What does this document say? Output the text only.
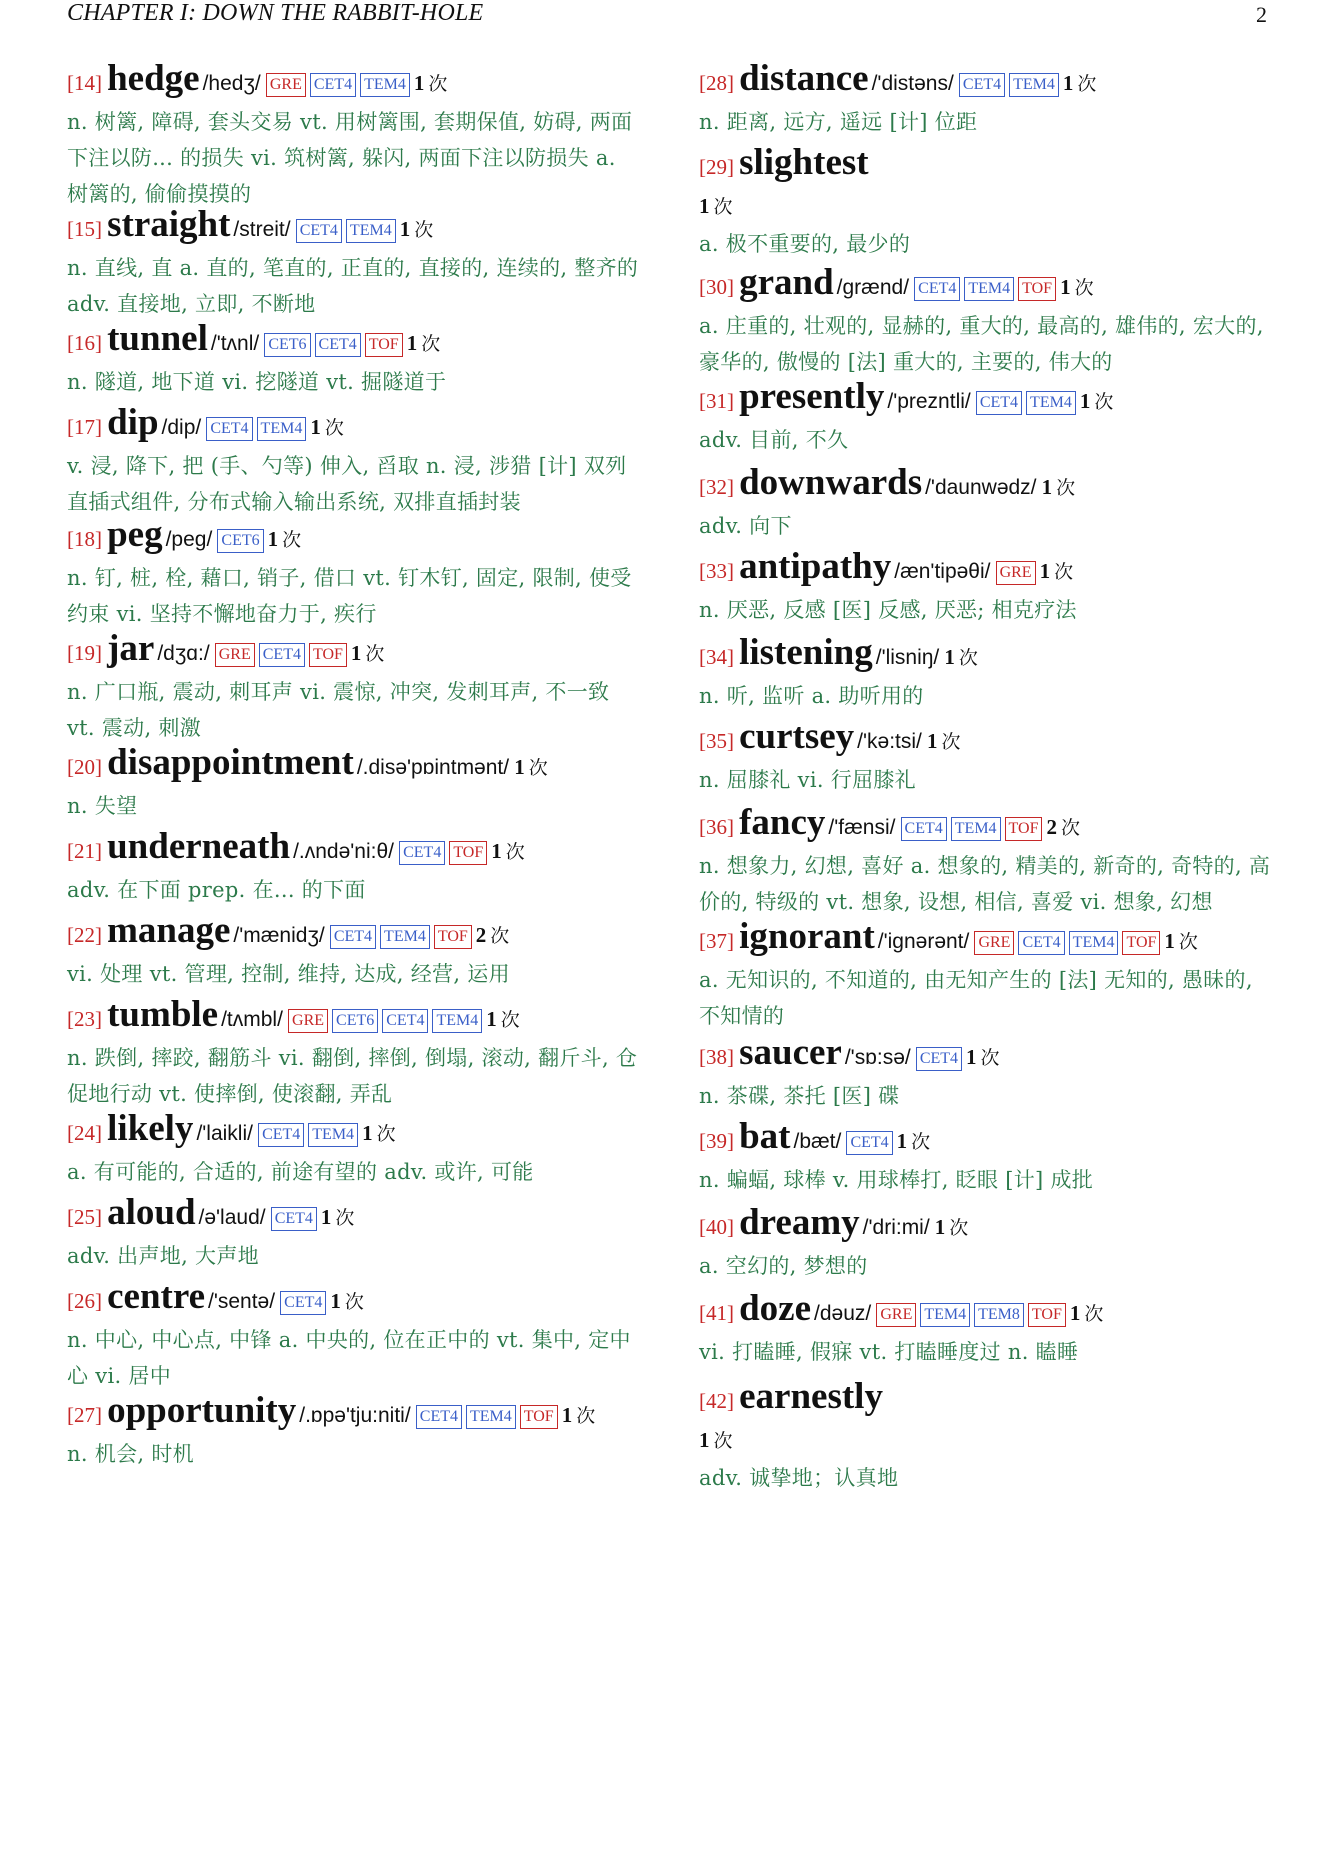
CHAPTER I: DOWN THE RABBIT-HOLE	2
[14] hedge /hedʒ/ GRE CET4 TEM4 1 次
n. 树篱, 障碍, 套头交易 vt. 用树篱围, 套期保值, 妨碍, 两面下注以防... 的损失 vi. 筑树篱, 躲闪, 两面下注以防损失 a. 树篱的, 偷偷摸摸的
[15] straight /streit/ CET4 TEM4 1 次
n. 直线, 直 a. 直的, 笔直的, 正直的, 直接的, 连续的, 整齐的 adv. 直接地, 立即, 不断地
[16] tunnel /'tʌnl/ CET6 CET4 TOF 1 次
n. 隧道, 地下道 vi. 挖隧道 vt. 掘隧道于
[17] dip /dip/ CET4 TEM4 1 次
v. 浸, 降下, 把 (手、勺等) 伸入, 舀取 n. 浸, 涉猎 [计] 双列直插式组件, 分布式输入输出系统, 双排直插封装
[18] peg /peg/ CET6 1 次
n. 钉, 桩, 栓, 藉口, 销子, 借口 vt. 钉木钉, 固定, 限制, 使受约束 vi. 坚持不懈地奋力于, 疾行
[19] jar /dʒɑ:/ GRE CET4 TOF 1 次
n. 广口瓶, 震动, 刺耳声 vi. 震惊, 冲突, 发刺耳声, 不一致 vt. 震动, 刺激
[20] disappointment /.disə'pɒintmənt/ 1 次
n. 失望
[21] underneath /.ʌndə'ni:θ/ CET4 TOF 1 次
adv. 在下面 prep. 在... 的下面
[22] manage /'mænidʒ/ CET4 TEM4 TOF 2 次
vi. 处理 vt. 管理, 控制, 维持, 达成, 经营, 运用
[23] tumble /tʌmbl/ GRE CET6 CET4 TEM4 1 次
n. 跌倒, 摔跤, 翻筋斗 vi. 翻倒, 摔倒, 倒塌, 滚动, 翻斤斗, 仓促地行动 vt. 使摔倒, 使滚翻, 弄乱
[24] likely /'laikli/ CET4 TEM4 1 次
a. 有可能的, 合适的, 前途有望的 adv. 或许, 可能
[25] aloud /ə'laud/ CET4 1 次
adv. 出声地, 大声地
[26] centre /'sentə/ CET4 1 次
n. 中心, 中心点, 中锋 a. 中央的, 位在正中的 vt. 集中, 定中心 vi. 居中
[27] opportunity /.ɒpə'tju:niti/ CET4 TEM4 TOF 1 次
n. 机会, 时机
[28] distance /'distəns/ CET4 TEM4 1 次
n. 距离, 远方, 遥远 [计] 位距
[29] slightest
1 次
a. 极不重要的, 最少的
[30] grand /grænd/ CET4 TEM4 TOF 1 次
a. 庄重的, 壮观的, 显赫的, 重大的, 最高的, 雄伟的, 宏大的, 豪华的, 傲慢的 [法] 重大的, 主要的, 伟大的
[31] presently /'prezntli/ CET4 TEM4 1 次
adv. 目前, 不久
[32] downwards /'daunwədz/ 1 次
adv. 向下
[33] antipathy /æn'tipəθi/ GRE 1 次
n. 厌恶, 反感 [医] 反感, 厌恶; 相克疗法
[34] listening /'lisniŋ/ 1 次
n. 听, 监听 a. 助听用的
[35] curtsey /'kə:tsi/ 1 次
n. 屈膝礼 vi. 行屈膝礼
[36] fancy /'fænsi/ CET4 TEM4 TOF 2 次
n. 想象力, 幻想, 喜好 a. 想象的, 精美的, 新奇的, 奇特的, 高价的, 特级的 vt. 想象, 设想, 相信, 喜爱 vi. 想象, 幻想
[37] ignorant /'ignərənt/ GRE CET4 TEM4 TOF 1 次
a. 无知识的, 不知道的, 由无知产生的 [法] 无知的, 愚昧的, 不知情的
[38] saucer /'sɒ:sə/ CET4 1 次
n. 茶碟, 茶托 [医] 碟
[39] bat /bæt/ CET4 1 次
n. 蝙蝠, 球棒 v. 用球棒打, 眨眼 [计] 成批
[40] dreamy /'dri:mi/ 1 次
a. 空幻的, 梦想的
[41] doze /dəuz/ GRE TEM4 TEM8 TOF 1 次
vi. 打瞌睡, 假寐 vt. 打瞌睡度过 n. 瞌睡
[42] earnestly
1 次
adv. 诚挚地；认真地
